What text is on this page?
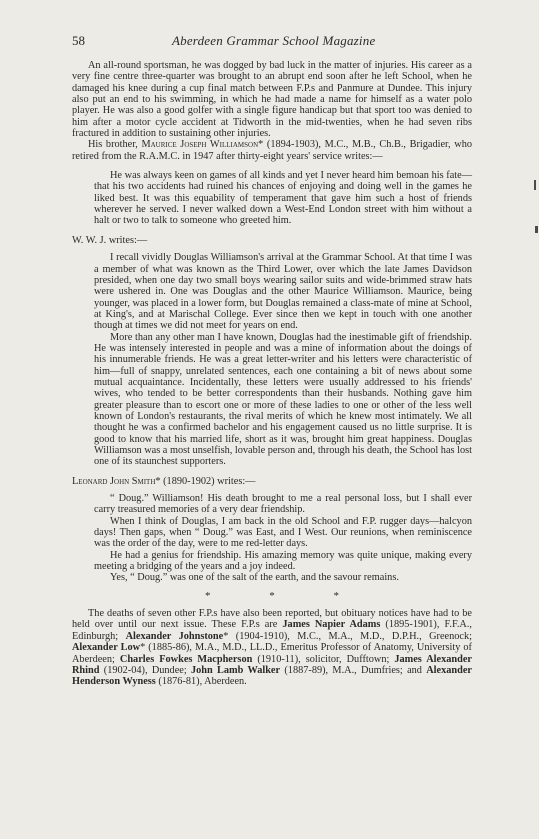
58	Aberdeen Grammar School Magazine

An all-round sportsman, he was dogged by bad luck in the matter of injuries. His career as a very fine centre three-quarter was brought to an abrupt end soon after he left School, when he damaged his knee during a cup final match between F.P.s and Panmure at Dundee. This injury also put an end to his swimming, in which he had made a name for himself as a water polo player. He was also a good golfer with a single figure handicap but that sport too was denied to him after a motor cycle accident at Tidworth in the mid-twenties, when he had seven ribs fractured in addition to sustaining other injuries.

His brother, Maurice Joseph Williamson* (1894-1903), M.C., M.B., Ch.B., Brigadier, who retired from the R.A.M.C. in 1947 after thirty-eight years' service writes:—

He was always keen on games of all kinds and yet I never heard him bemoan his fate—that his two accidents had ruined his chances of enjoying and doing well in the games he liked best. It was this equability of temperament that gave him such a host of friends wherever he served. I never walked down a West-End London street with him without a halt or two to talk to someone who greeted him.

W. W. J. writes:—

I recall vividly Douglas Williamson's arrival at the Grammar School. At that time I was a member of what was known as the Third Lower, over which the late James Davidson presided, when one day two small boys wearing sailor suits and wide-brimmed straw hats were ushered in. One was Douglas and the other Maurice Williamson. Maurice, being younger, was placed in a lower form, but Douglas remained a class-mate of mine at School, at King's, and at Marischal College. Ever since then we kept in touch with one another though at times we did not meet for years on end.

More than any other man I have known, Douglas had the inestimable gift of friendship. He was intensely interested in people and was a mine of information about the doings of his innumerable friends. He was a great letter-writer and his letters were characteristic of him—full of snappy, unrelated sentences, each one containing a bit of news about some mutual acquaintance. Incidentally, these letters were usually addressed to his friends' wives, who tended to be better correspondents than their husbands. Nothing gave him greater pleasure than to escort one or more of these ladies to one or other of the less well known of London's restaurants, the rival merits of which he knew most intimately. We all thought he was a confirmed bachelor and his engagement caused us no little surprise. It is good to know that his married life, short as it was, brought him great happiness. Douglas Williamson was a most unselfish, lovable person and, through his death, the School has lost one of its staunchest supporters.

Leonard John Smith* (1890-1902) writes:—

“ Doug.” Williamson! His death brought to me a real personal loss, but I shall ever carry treasured memories of a very dear friendship.

When I think of Douglas, I am back in the old School and F.P. rugger days—halcyon days! Then gaps, when “ Doug.” was East, and I West. Our reunions, when reminiscence was the order of the day, were to me red-letter days.

He had a genius for friendship. His amazing memory was quite unique, making every meeting a bridging of the years and a joy indeed.

Yes, “ Doug.” was one of the salt of the earth, and the savour remains.

* * *

The deaths of seven other F.P.s have also been reported, but obituary notices have had to be held over until our next issue. These F.P.s are James Napier Adams (1895-1901), F.F.A., Edinburgh; Alexander Johnstone* (1904-1910), M.C., M.A., M.D., D.P.H., Greenock; Alexander Low* (1885-86), M.A., M.D., LL.D., Emeritus Professor of Anatomy, University of Aberdeen; Charles Fowkes Macpherson (1910-11), solicitor, Dufftown; James Alexander Rhind (1902-04), Dundee; John Lamb Walker (1887-89), M.A., Dumfries; and Alexander Henderson Wyness (1876-81), Aberdeen.
